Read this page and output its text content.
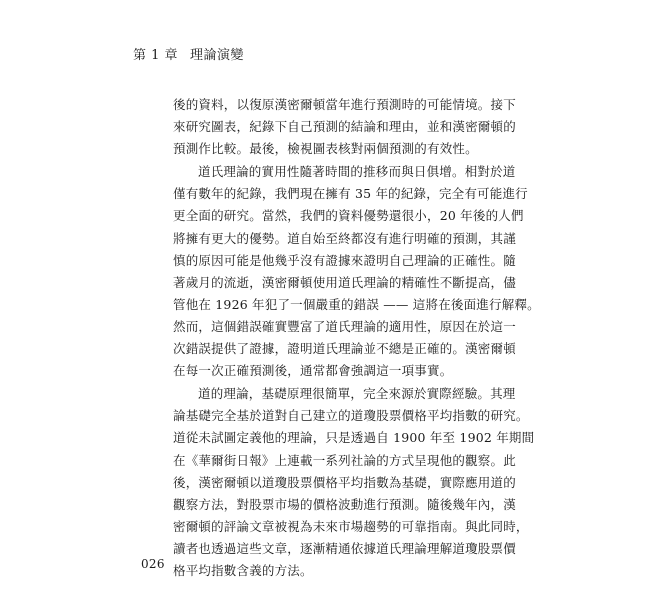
第 1 章 理論演變
後的資料，以復原漢密爾頓當年進行預測時的可能情境。接下
來研究圖表，紀錄下自己預測的結論和理由，並和漢密爾頓的
預測作比較。最後，檢視圖表核對兩個預測的有效性。
道氏理論的實用性隨著時間的推移而與日俱增。相對於道
僅有數年的紀錄，我們現在擁有 35 年的紀錄，完全有可能進行
更全面的研究。當然，我們的資料優勢還很小，20 年後的人們
將擁有更大的優勢。道自始至終都沒有進行明確的預測，其謹
慎的原因可能是他幾乎沒有證據來證明自己理論的正確性。隨
著歲月的流逝，漢密爾頓使用道氏理論的精確性不斷提高，儘
管他在 1926 年犯了一個嚴重的錯誤 —— 這將在後面進行解釋。
然而，這個錯誤確實豐富了道氏理論的適用性，原因在於這一
次錯誤提供了證據，證明道氏理論並不總是正確的。漢密爾頓
在每一次正確預測後，通常都會強調這一項事實。
道的理論，基礎原理很簡單，完全來源於實際經驗。其理
論基礎完全基於道對自己建立的道瓊股票價格平均指數的研究。
道從未試圖定義他的理論，只是透過自 1900 年至 1902 年期間
在《華爾街日報》上連載一系列社論的方式呈現他的觀察。此
後，漢密爾頓以道瓊股票價格平均指數為基礎，實際應用道的
觀察方法，對股票市場的價格波動進行預測。隨後幾年內，漢
密爾頓的評論文章被視為未來市場趨勢的可靠指南。與此同時，
讀者也透過這些文章，逐漸精通依據道氏理論理解道瓊股票價
格平均指數含義的方法。
026
